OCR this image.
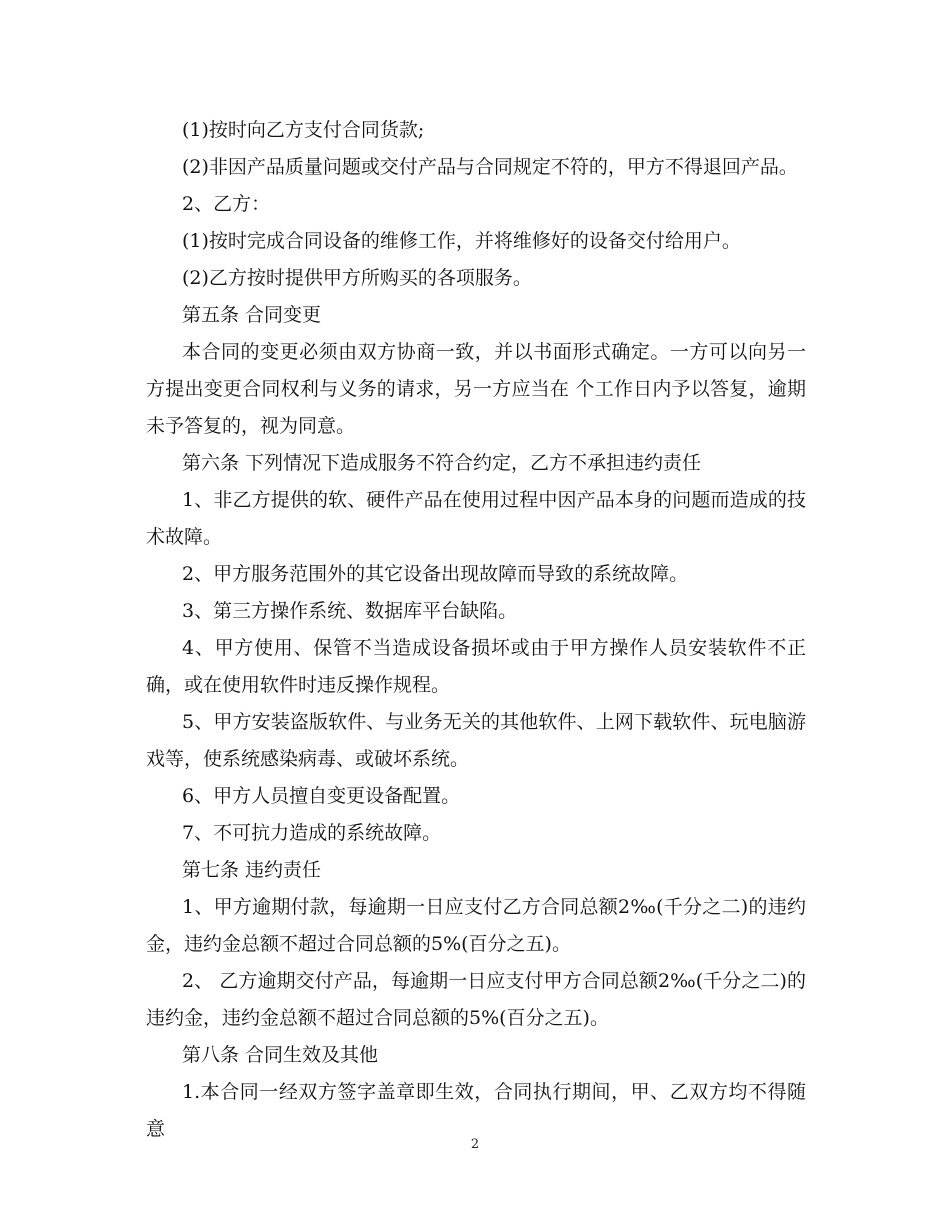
(1)按时向乙方支付合同货款;

(2)非因产品质量问题或交付产品与合同规定不符的，甲方不得退回产品。

2、乙方：

(1)按时完成合同设备的维修工作，并将维修好的设备交付给用户。

(2)乙方按时提供甲方所购买的各项服务。

第五条 合同变更

本合同的变更必须由双方协商一致，并以书面形式确定。一方可以向另一方提出变更合同权利与义务的请求，另一方应当在 个工作日内予以答复，逾期未予答复的，视为同意。

第六条 下列情况下造成服务不符合约定，乙方不承担违约责任

1、非乙方提供的软、硬件产品在使用过程中因产品本身的问题而造成的技术故障。

2、甲方服务范围外的其它设备出现故障而导致的系统故障。

3、第三方操作系统、数据库平台缺陷。

4、甲方使用、保管不当造成设备损坏或由于甲方操作人员安装软件不正确，或在使用软件时违反操作规程。

5、甲方安装盗版软件、与业务无关的其他软件、上网下载软件、玩电脑游戏等，使系统感染病毒、或破坏系统。

6、甲方人员擅自变更设备配置。

7、不可抗力造成的系统故障。

第七条 违约责任

1、甲方逾期付款，每逾期一日应支付乙方合同总额2‰(千分之二)的违约金，违约金总额不超过合同总额的5%(百分之五)。

2、 乙方逾期交付产品，每逾期一日应支付甲方合同总额2‰(千分之二)的违约金，违约金总额不超过合同总额的5%(百分之五)。

第八条 合同生效及其他

1.本合同一经双方签字盖章即生效，合同执行期间，甲、乙双方均不得随意

2
